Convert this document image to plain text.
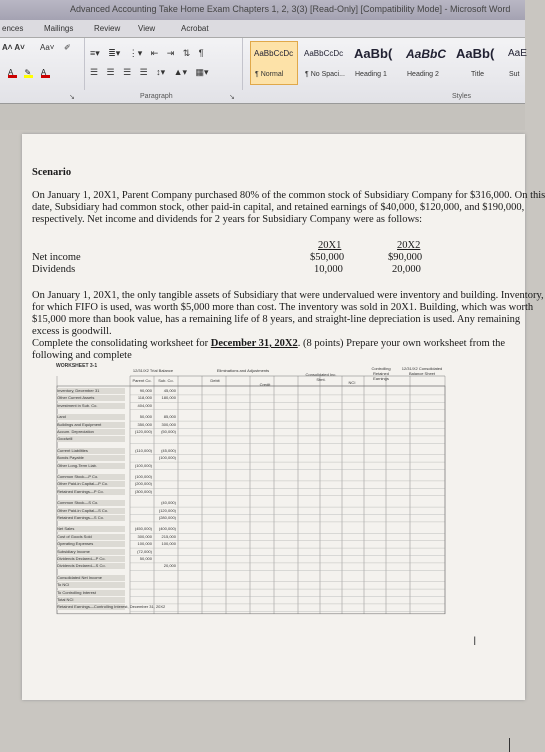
Advanced Accounting Take Home Exam Chapters 1, 2, 3(3) [Read-Only] [Compatibility Mode] - Microsoft Word
ences	Mailings	Review View	Acrobat
A˄ A˅ Aa˅ ✐
A ✎ A
≡▾ ≣▾ ⋮▾ ⇤ ⇥ ⇅ ¶
☰ ☰ ☰ ☰ ↕▾ ▲▾ ▦▾
Paragraph	↘
↘
AaBbCcDc
¶ Normal
AaBbCcDc
¶ No Spaci...
AaBb(
Heading 1
AaBbC
Heading 2
AaBb(
Title
AaE
Sut
Styles
Scenario
On January 1, 20X1, Parent Company purchased 80% of the common stock of Subsidiary Company for $316,000. On this
date, Subsidiary had common stock, other paid-in capital, and retained earnings of $40,000, $120,000, and $190,000,
respectively. Net income and dividends for 2 years for Subsidiary Company were as follows:
20X1	20X2
Net income	$50,000	$90,000
Dividends	10,000	20,000
On January 1, 20X1, the only tangible assets of Subsidiary that were undervalued were inventory and building. Inventory,
for which FIFO is used, was worth $5,000 more than cost. The inventory was sold in 20X1. Building, which was worth
$15,000 more than book value, has a remaining life of 8 years, and straight-line depreciation is used. Any remaining
excess is goodwill.
Complete the consolidating worksheet for December 31, 20X2. (8 points) Prepare your own worksheet from the
following and complete
I
WORKSHEET 3-1
12/31/X2 Trial Balance	Eliminations and Adjustments
Parent Co.	Sub. Co.	Debit
Credit
Consolidated Inc. Stmt.
NCI
Controlling Retained Earnings
12/31/X2 Consolidated Balance Sheet
Inventory, December 31	90,000	45,000
Other Current Assets	118,000	180,000
Investment in Sub. Co.	404,000
Land	50,000	85,000
Buildings and Equipment	350,000	300,000
Accum. Depreciation	(120,000)	(50,000)
Goodwill
Current Liabilities	(110,000)	(45,000)
Bonds Payable	(100,000)
Other Long-Term Liab.	(100,000)
Common Stock—P Co.	(100,000)
Other Paid-in Capital—P Co.	(200,000)
Retained Earnings—P Co.	(300,000)
Common Stock—S Co.	(40,000)
Other Paid-in Capital—S Co.	(120,000)
Retained Earnings—S Co.	(280,000)
Net Sales	(450,000)	(400,000)
Cost of Goods Sold	300,000	215,000
Operating Expenses	100,000	100,000
Subsidiary Income	(72,000)
Dividends Declared—P Co.	50,000
Dividends Declared—S Co.	20,000
Consolidated Net Income
To NCI
To Controlling Interest
Total NCI
Retained Earnings—Controlling Interest, December 31, 20X2
